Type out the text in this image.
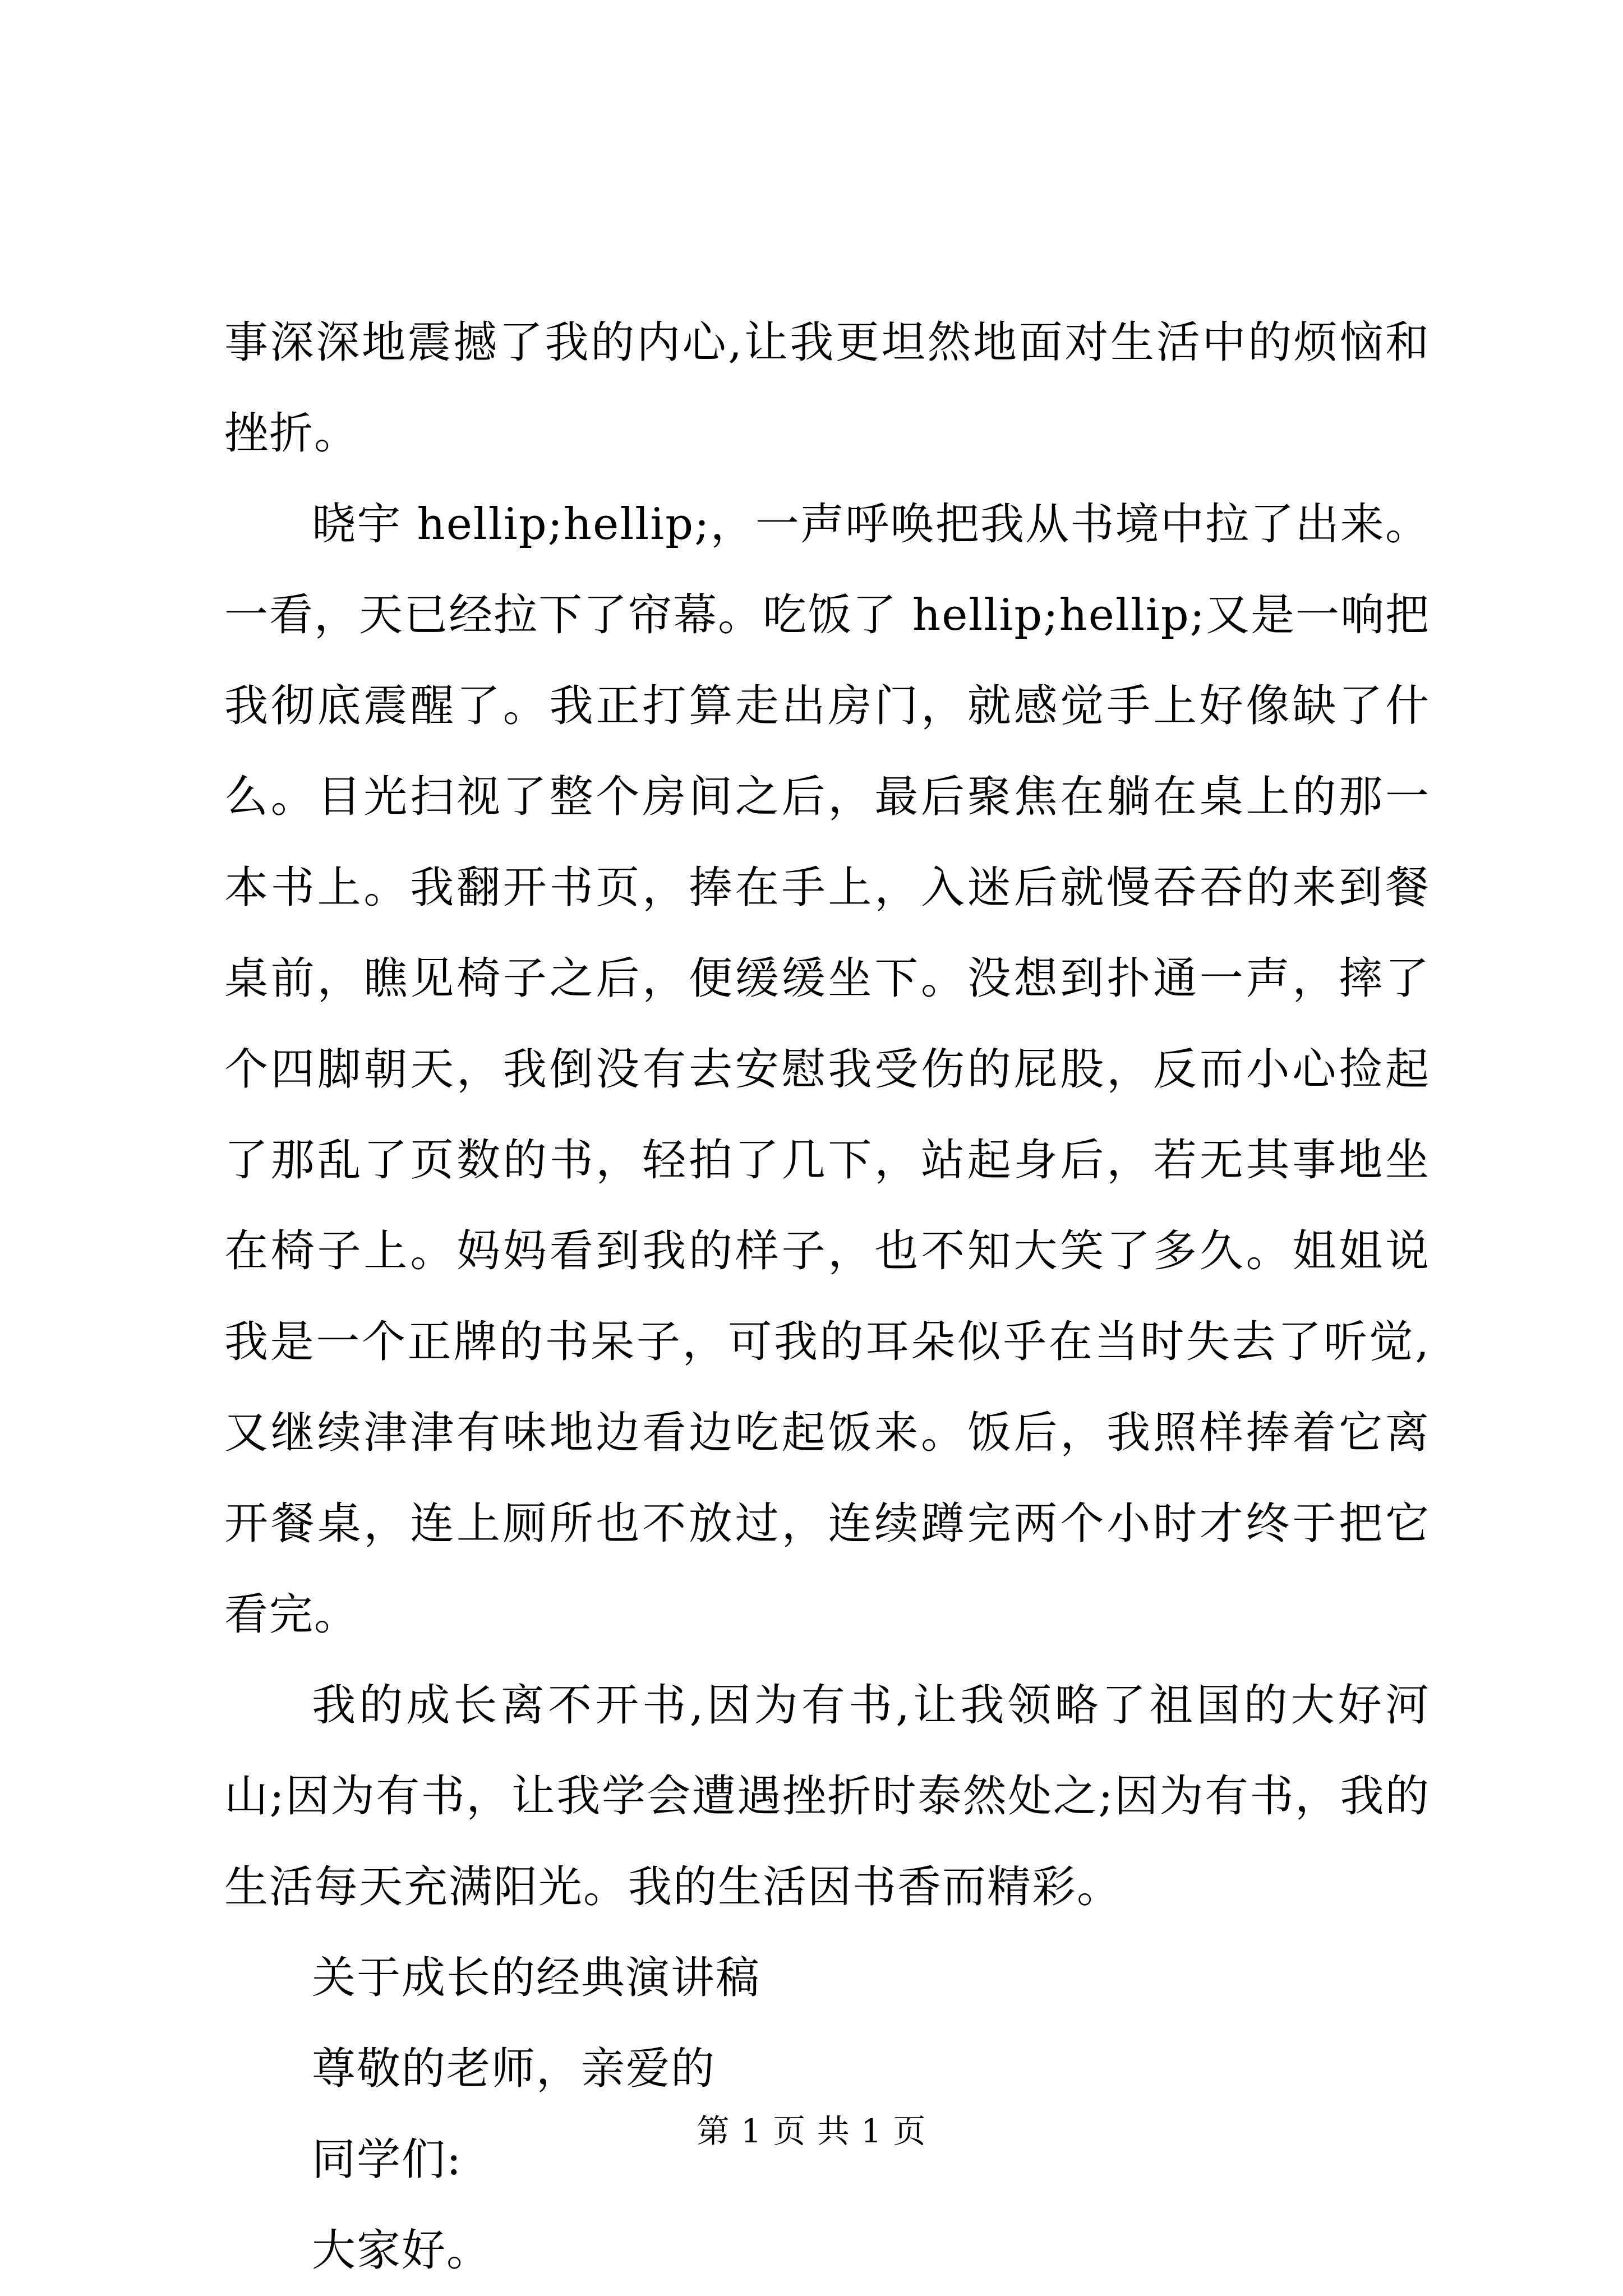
事深深地震撼了我的内心,让我更坦然地面对生活中的烦恼和挫折。

晓宇 hellip;hellip;，一声呼唤把我从书境中拉了出来。一看，天已经拉下了帘幕。吃饭了 hellip;hellip;又是一响把我彻底震醒了。我正打算走出房门，就感觉手上好像缺了什么。目光扫视了整个房间之后，最后聚焦在躺在桌上的那一本书上。我翻开书页，捧在手上，入迷后就慢吞吞的来到餐桌前，瞧见椅子之后，便缓缓坐下。没想到扑通一声，摔了个四脚朝天，我倒没有去安慰我受伤的屁股，反而小心捡起了那乱了页数的书，轻拍了几下，站起身后，若无其事地坐在椅子上。妈妈看到我的样子，也不知大笑了多久。姐姐说我是一个正牌的书呆子，可我的耳朵似乎在当时失去了听觉,又继续津津有味地边看边吃起饭来。饭后，我照样捧着它离开餐桌，连上厕所也不放过，连续蹲完两个小时才终于把它看完。

我的成长离不开书,因为有书,让我领略了祖国的大好河山;因为有书，让我学会遭遇挫折时泰然处之;因为有书，我的生活每天充满阳光。我的生活因书香而精彩。

关于成长的经典演讲稿

尊敬的老师，亲爱的

同学们:

大家好。

第 1 页 共 1 页
